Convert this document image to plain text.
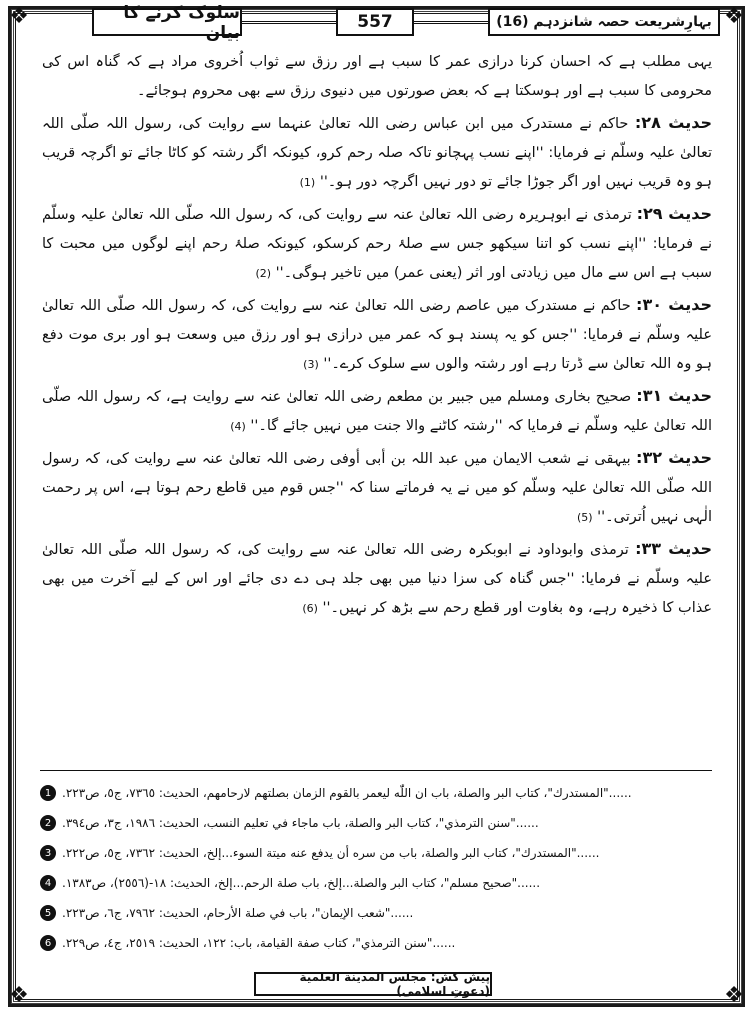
❖	❖
❖	❖
سلوک کرنے کا بیان
557	بہارِشریعت حصہ شانزدہم (16)

یہی مطلب ہے کہ احسان کرنا درازی عمر کا سبب ہے اور رزق سے ثواب اُخروی مراد ہے کہ گناہ اس کی محرومی کا سبب ہے اور ہوسکتا ہے کہ بعض صورتوں میں دنیوی رزق سے بھی محروم ہوجائے۔

حدیث ۲۸: حاکم نے مستدرک میں ابن عباس رضی اللہ تعالیٰ عنہما سے روایت کی، رسول اللہ صلّی اللہ تعالیٰ علیہ وسلّم نے فرمایا: ''اپنے نسب پہچانو تاکہ صلہ رحم کرو، کیونکہ اگر رشتہ کو کاٹا جائے تو اگرچہ قریب ہو وہ قریب نہیں اور اگر جوڑا جائے تو دور نہیں اگرچہ دور ہو۔'' (1)

حدیث ۲۹: ترمذی نے ابوہریرہ رضی اللہ تعالیٰ عنہ سے روایت کی، کہ رسول اللہ صلّی اللہ تعالیٰ علیہ وسلّم نے فرمایا: ''اپنے نسب کو اتنا سیکھو جس سے صلۂ رحم کرسکو، کیونکہ صلۂ رحم اپنے لوگوں میں محبت کا سبب ہے اس سے مال میں زیادتی اور اثر (یعنی عمر) میں تاخیر ہوگی۔'' (2)

حدیث ۳۰: حاکم نے مستدرک میں عاصم رضی اللہ تعالیٰ عنہ سے روایت کی، کہ رسول اللہ صلّی اللہ تعالیٰ علیہ وسلّم نے فرمایا: ''جس کو یہ پسند ہو کہ عمر میں درازی ہو اور رزق میں وسعت ہو اور بری موت دفع ہو وہ اللہ تعالیٰ سے ڈرتا رہے اور رشتہ والوں سے سلوک کرے۔'' (3)

حدیث ۳۱: صحیح بخاری ومسلم میں جبیر بن مطعم رضی اللہ تعالیٰ عنہ سے روایت ہے، کہ رسول اللہ صلّی اللہ تعالیٰ علیہ وسلّم نے فرمایا کہ ''رشتہ کاٹنے والا جنت میں نہیں جائے گا۔'' (4)

حدیث ۳۲: بیہقی نے شعب الایمان میں عبد اللہ بن أبی أوفی رضی اللہ تعالیٰ عنہ سے روایت کی، کہ رسول اللہ صلّی اللہ تعالیٰ علیہ وسلّم کو میں نے یہ فرماتے سنا کہ ''جس قوم میں قاطع رحم ہوتا ہے، اس پر رحمت الٰہی نہیں اُترتی۔'' (5)

حدیث ۳۳: ترمذی وابوداود نے ابوبکرہ رضی اللہ تعالیٰ عنہ سے روایت کی، کہ رسول اللہ صلّی اللہ تعالیٰ علیہ وسلّم نے فرمایا: ''جس گناہ کی سزا دنیا میں بھی جلد ہی دے دی جائے اور اس کے لیے آخرت میں بھی عذاب کا ذخیرہ رہے، وہ بغاوت اور قطع رحم سے بڑھ کر نہیں۔'' (6)

1 ......"المستدرك"، كتاب البر والصلة، باب ان اللّٰه ليعمر بالقوم الزمان بصلتهم لارحامهم، الحديث: ٧٣٦٥، ج٥، ص٢٢٣.
2 ......"سنن الترمذي"، كتاب البر والصلة، باب ماجاء في تعليم النسب، الحديث: ١٩٨٦، ج٣، ص٣٩٤.
3 ......"المستدرك"، كتاب البر والصلة، باب من سره أن يدفع عنه ميتة السوء...إلخ، الحديث: ٧٣٦٢، ج٥، ص٢٢٢.
4 ......"صحيح مسلم"، كتاب البر والصلة...إلخ، باب صلة الرحم...إلخ، الحديث: ١٨-(٢٥٥٦)، ص١٣٨٣.
5 ......"شعب الإيمان"، باب في صلة الأرحام، الحديث: ٧٩٦٢، ج٦، ص٢٢٣.
6 ......"سنن الترمذي"، كتاب صفة القيامة، باب: ١٢٢، الحديث: ٢٥١٩، ج٤، ص٢٢٩.
پیش کش: مجلس المدينة العلمية (دعوتِ اسلامی)
